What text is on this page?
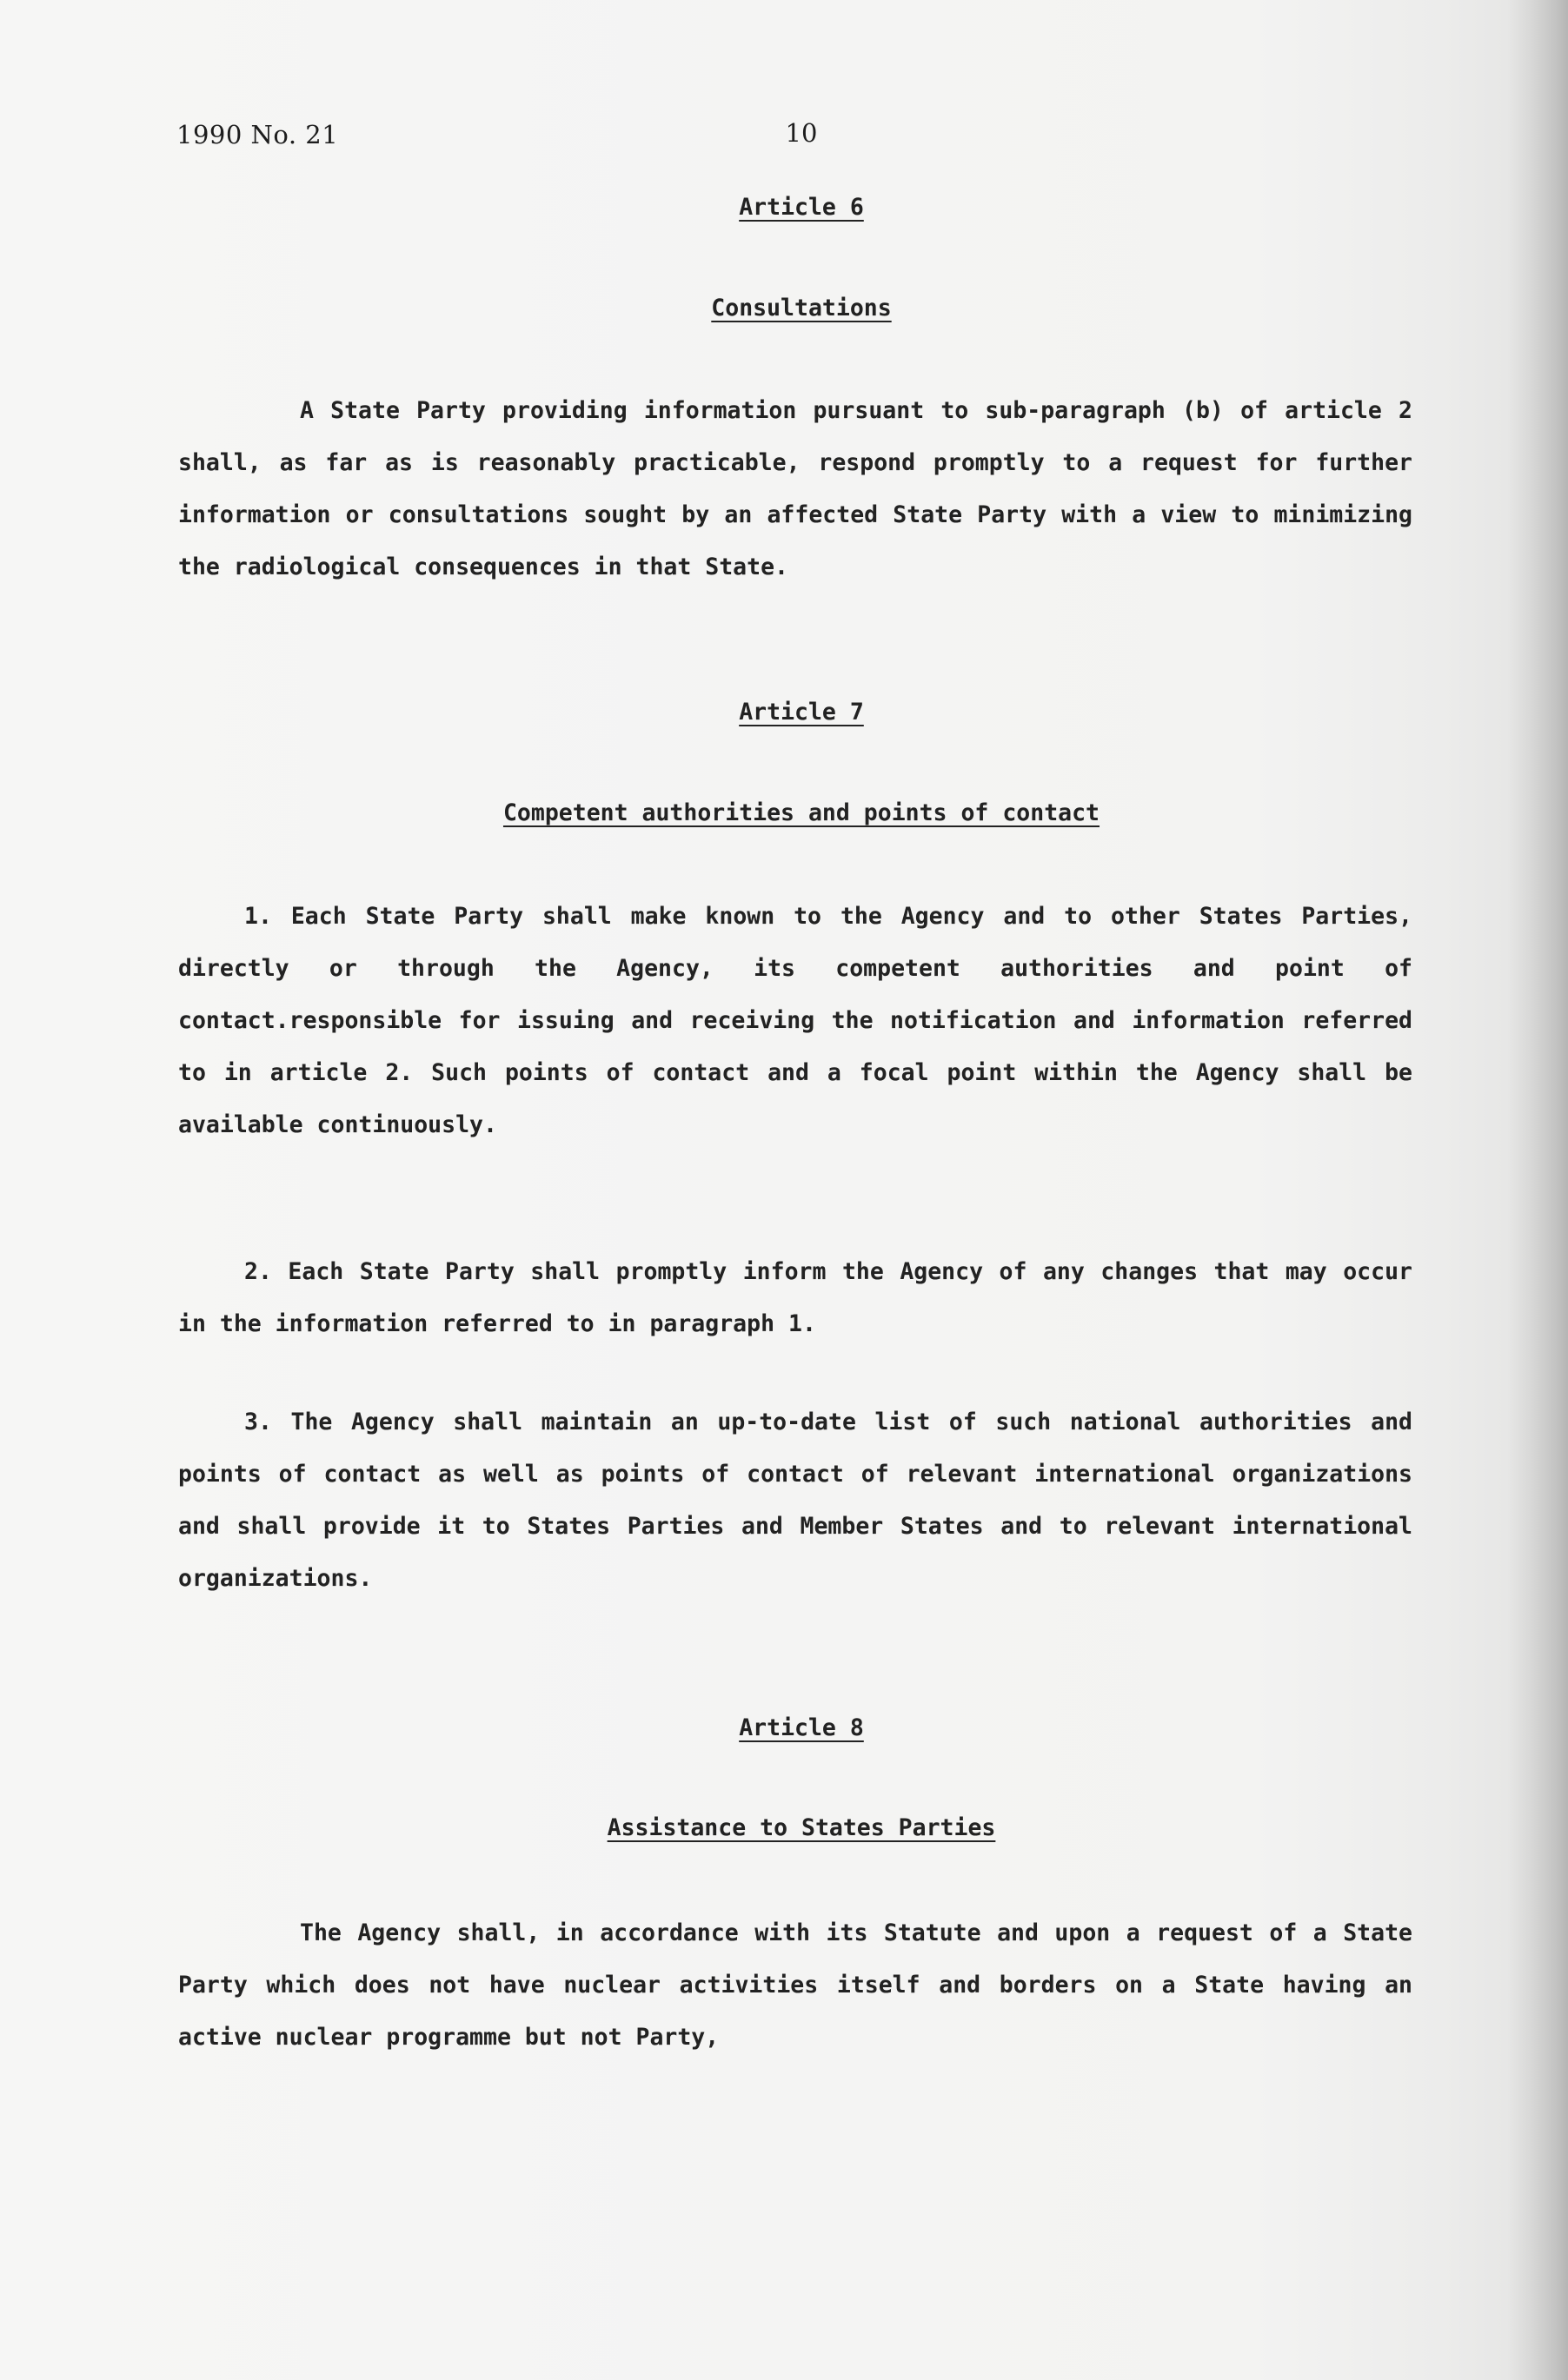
1990 No. 21	10
Article 6
Consultations
A State Party providing information pursuant to sub-paragraph (b) of article 2 shall, as far as is reasonably practicable, respond promptly to a request for further information or consultations sought by an affected State Party with a view to minimizing the radiological consequences in that State.
Article 7
Competent authorities and points of contact
1. Each State Party shall make known to the Agency and to other States Parties, directly or through the Agency, its competent authorities and point of contact.responsible for issuing and receiving the notification and information referred to in article 2. Such points of contact and a focal point within the Agency shall be available continuously.
2. Each State Party shall promptly inform the Agency of any changes that may occur in the information referred to in paragraph 1.
3. The Agency shall maintain an up-to-date list of such national authorities and points of contact as well as points of contact of relevant international organizations and shall provide it to States Parties and Member States and to relevant international organizations.
Article 8
Assistance to States Parties
The Agency shall, in accordance with its Statute and upon a request of a State Party which does not have nuclear activities itself and borders on a State having an active nuclear programme but not Party,
